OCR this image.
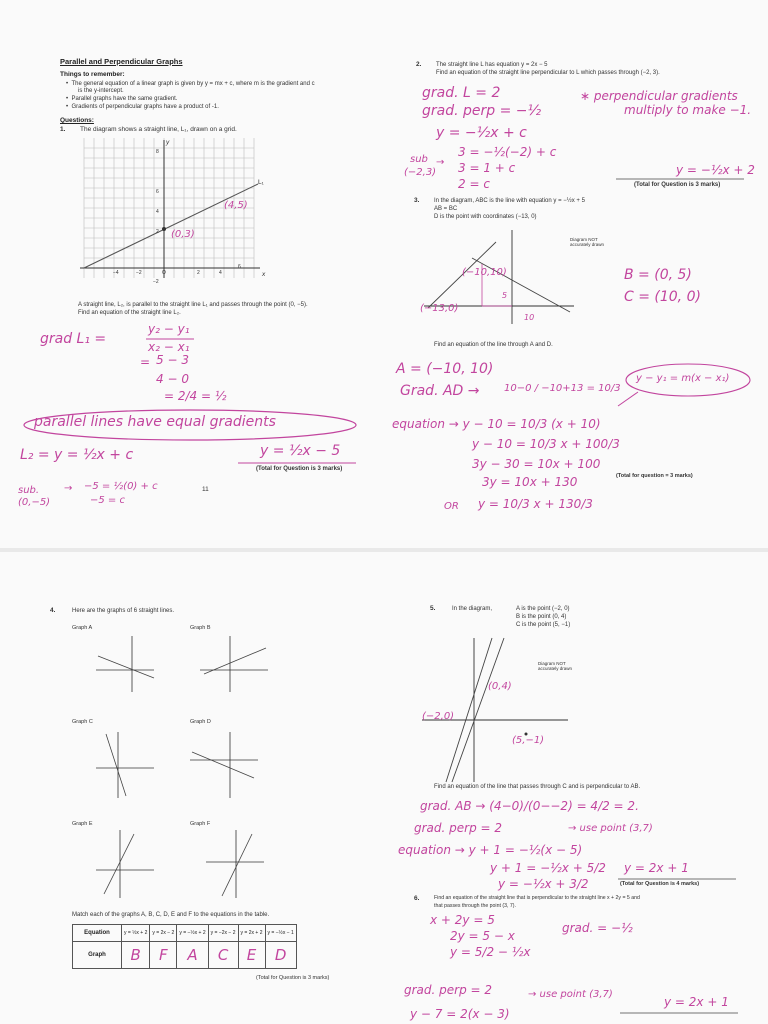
Parallel and Perpendicular Graphs
Things to remember:
•  The general equation of a linear graph is given by y = mx + c, where m is the gradient and c
is the y-intercept.
•  Parallel graphs have the same gradient.
•  Gradients of perpendicular graphs have a product of -1.
Questions:
1. The diagram shows a straight line, L₁, drawn on a grid.
6
4
2
O
−2
−4
8
6
4
2
−2
x
y
L₁
(4,5)
(0,3)
A straight line, L₂, is parallel to the straight line L₁ and passes through the point (0, −5).
Find an equation of the straight line L₂.
grad L₁ =
y₂ − y₁
x₂ − x₁
= 5 − 3
4 − 0
= 2/4 = ½
parallel lines have equal gradients
L₂ = y = ½x + c	y = ½x − 5
(Total for Question is 3 marks)
sub.
(0,−5)
→ −5 = ½(0) + c
−5 = c
11
2. The straight line L has equation y = 2x − 5
Find an equation of the straight line perpendicular to L which passes through (−2, 3).
grad. L = 2
grad. perp = −½
∗ perpendicular gradients
multiply to make −1.
y = −½x + c
sub
(−2,3)
→
3 = −½(−2) + c
3 = 1 + c
2 = c
y = −½x + 2
(Total for Question is 3 marks)
3. In the diagram, ABC is the line with equation y = −½x + 5
AB = BC
D is the point with coordinates (−13, 0)
Diagram NOT accurately drawn
(−10,10)
(−13,0)
5
10
B = (0, 5)
C = (10, 0)
Find an equation of the line through A and D.
A = (−10, 10)
Grad. AD → 10−0 / −10+13 = 10/3
y − y₁ = m(x − x₁)
equation → y − 10 = 10/3 (x + 10)
y − 10 = 10/3 x + 100/3
3y − 30 = 10x + 100
3y = 10x + 130	(Total for question = 3 marks)
OR y = 10/3 x + 130/3
4.	Here are the graphs of 6 straight lines.
Graph A	Graph B
Graph C	Graph D
Graph E	Graph F
Match each of the graphs A, B, C, D, E and F to the equations in the table.
Equation	y = ½x + 2	y = 2x − 2	y = −½x + 2	y = −2x − 2	y = 2x + 2	y = −½x − 1
Graph	B	F	A	C	E	D
(Total for Question is 3 marks)
5.	In the diagram,	A is the point (−2, 0)
B is the point (0, 4)
C is the point (5, −1)
Diagram NOT accurately drawn
(0,4)
(−2,0)
(5,−1)
Find an equation of the line that passes through C and is perpendicular to AB.
grad. AB → (4−0)/(0−−2) = 4/2 = 2.
grad. perp = 2	→ use point (3,7)
equation → y + 1 = −½(x − 5)
y + 1 = −½x + 5/2
y = −½x + 3/2
y = 2x + 1
(Total for Question is 4 marks)
6.	Find an equation of the straight line that is perpendicular to the straight line x + 2y = 5 and
that passes through the point (3, 7).
x + 2y = 5
2y = 5 − x
y = 5/2 − ½x
grad. = −½
grad. perp = 2	→ use point (3,7)
y − 7 = 2(x − 3)
y = 2x + 1
